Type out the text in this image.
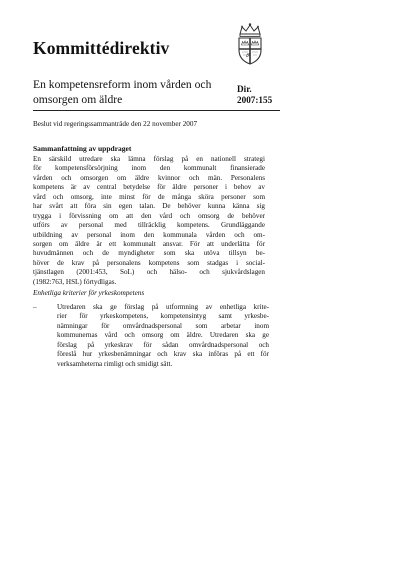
Kommittédirektiv
En kompetensreform inom vården och
omsorgen om äldre
Dir.
2007:155
Beslut vid regeringssammanträde den 22 november 2007
Sammanfattning av uppdraget
En särskild utredare ska lämna förslag på en nationell strategi
för kompetensförsörjning inom den kommunalt finansierade
vården och omsorgen om äldre kvinnor och män. Personalens
kompetens är av central betydelse för äldre personer i behov av
vård och omsorg, inte minst för de många sköra personer som
har svårt att föra sin egen talan. De behöver kunna känna sig
trygga i förvissning om att den vård och omsorg de behöver
utförs av personal med tillräcklig kompetens. Grundläggande
utbildning av personal inom den kommunala vården och om-
sorgen om äldre är ett kommunalt ansvar. För att underlätta för
huvudmännen och de myndigheter som ska utöva tillsyn be-
höver de krav på personalens kompetens som stadgas i social-
tjänstlagen (2001:453, SoL) och hälso- och sjukvårdslagen
(1982:763, HSL) förtydligas.
Enhetliga kriterier för yrkeskompetens
–	Utredaren ska ge förslag på utformning av enhetliga krite-
rier för yrkeskompetens, kompetensintyg samt yrkesbe-
nämningar för omvårdnadspersonal som arbetar inom
kommunernas vård och omsorg om äldre. Utredaren ska ge
förslag på yrkeskrav för sådan omvårdnadspersonal och
föreslå hur yrkesbenämningar och krav ska införas på ett för
verksamheterna rimligt och smidigt sätt.
